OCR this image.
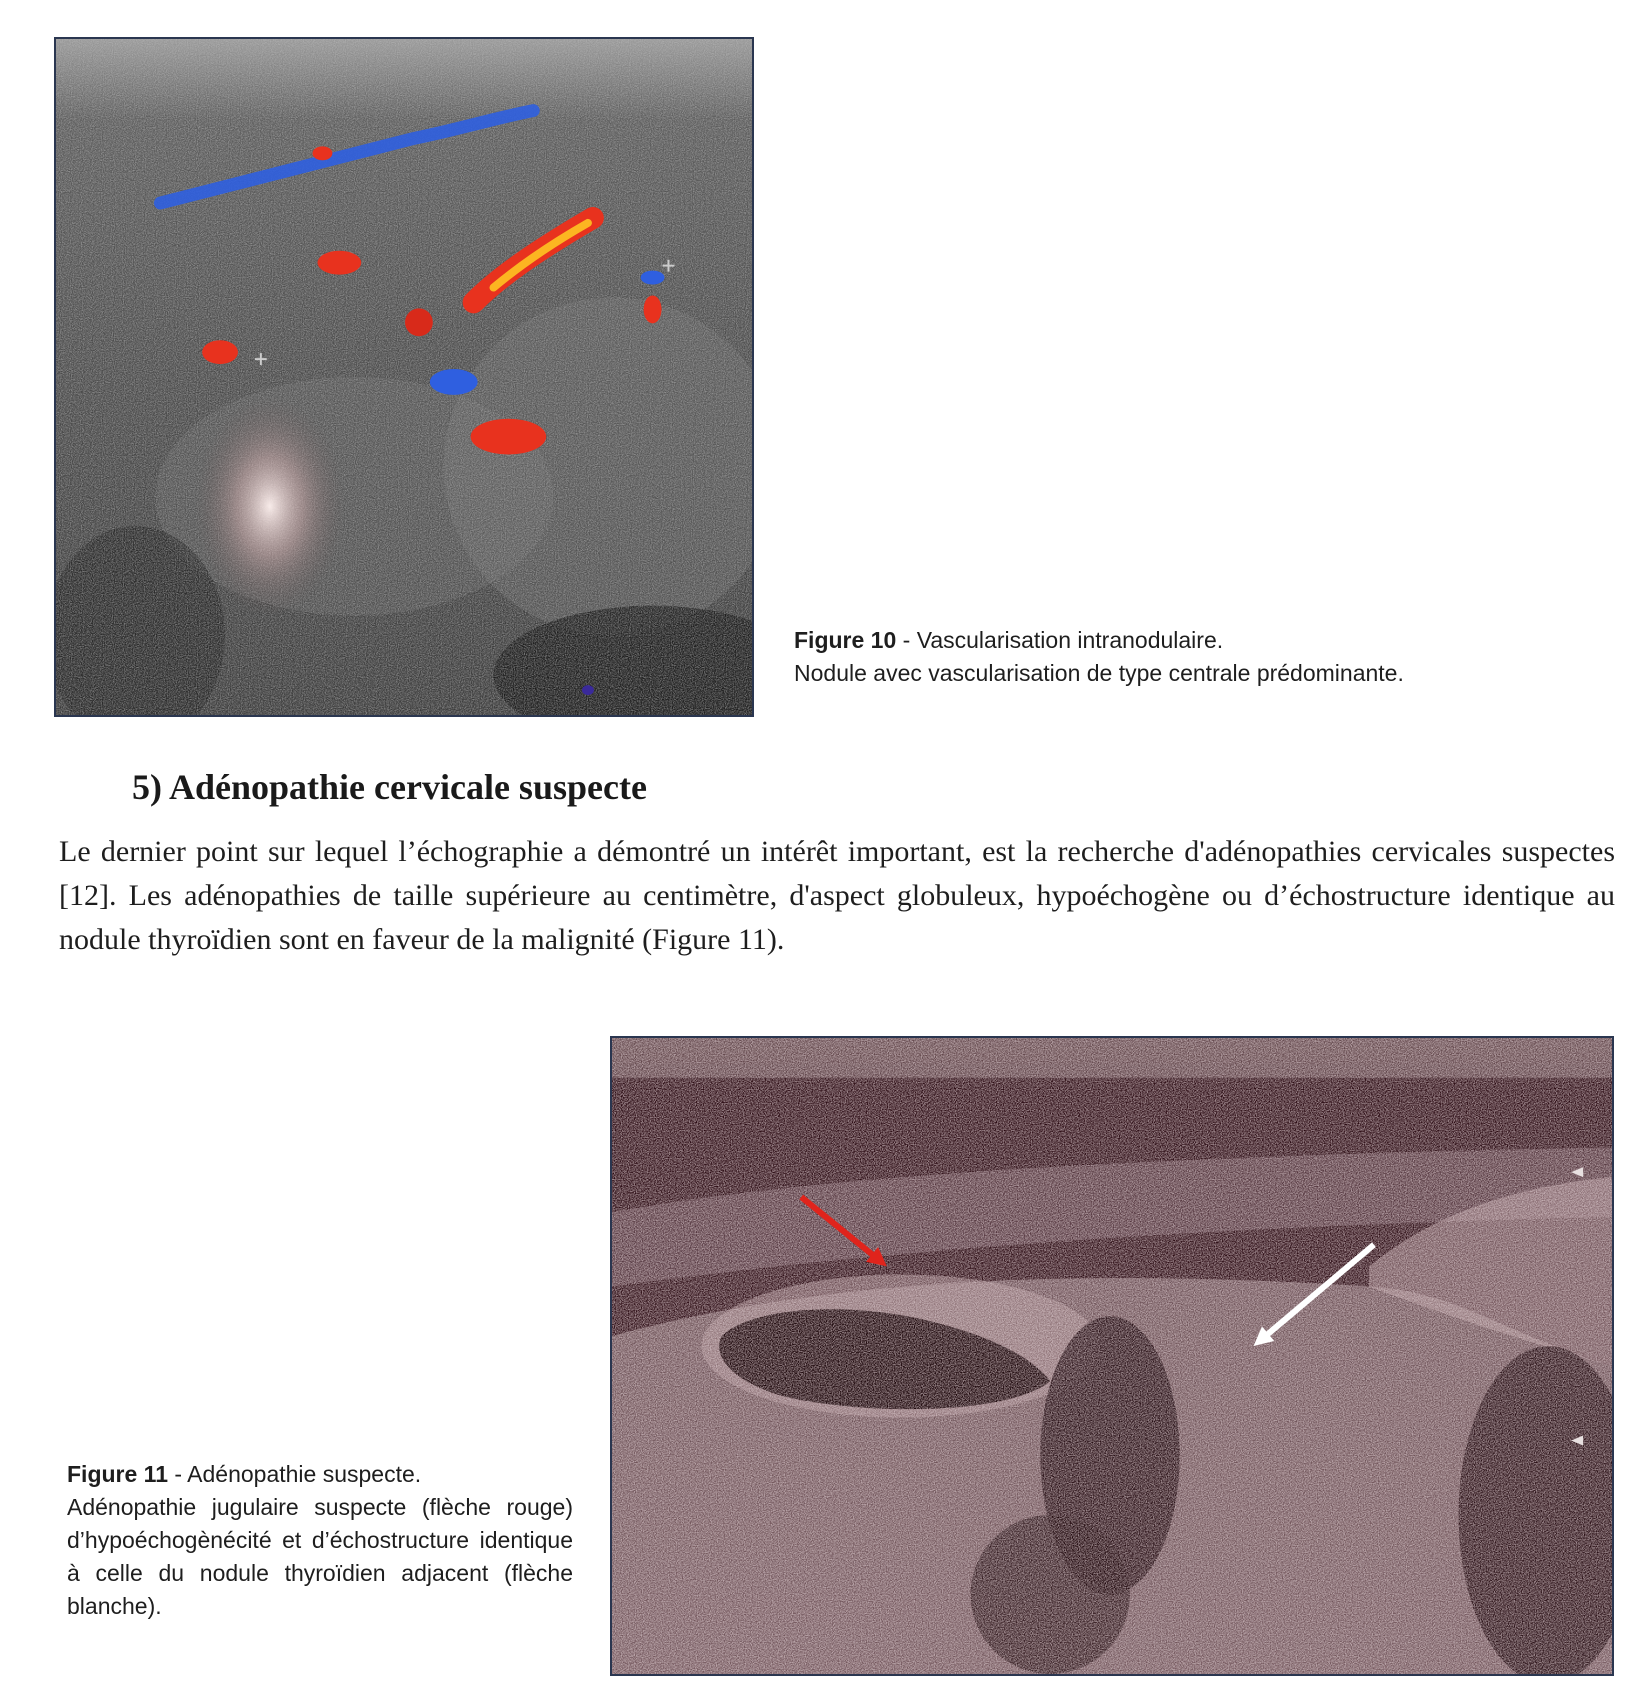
Figure 10 - Vascularisation intranodulaire.
Nodule avec vascularisation de type centrale prédominante.

5) Adénopathie cervicale suspecte

Le dernier point sur lequel l’échographie a démontré un intérêt important, est la recherche d'adénopathies cervicales suspectes [12]. Les adénopathies de taille supérieure au centimètre, d'aspect globuleux, hypoéchogène ou d’échostructure identique au nodule thyroïdien sont en faveur de la malignité (Figure 11).

Figure 11 - Adénopathie suspecte.
Adénopathie jugulaire suspecte (flèche rouge) d’hypoéchogènécité et d’échostructure identique à celle du nodule thyroïdien adjacent (flèche blanche).
